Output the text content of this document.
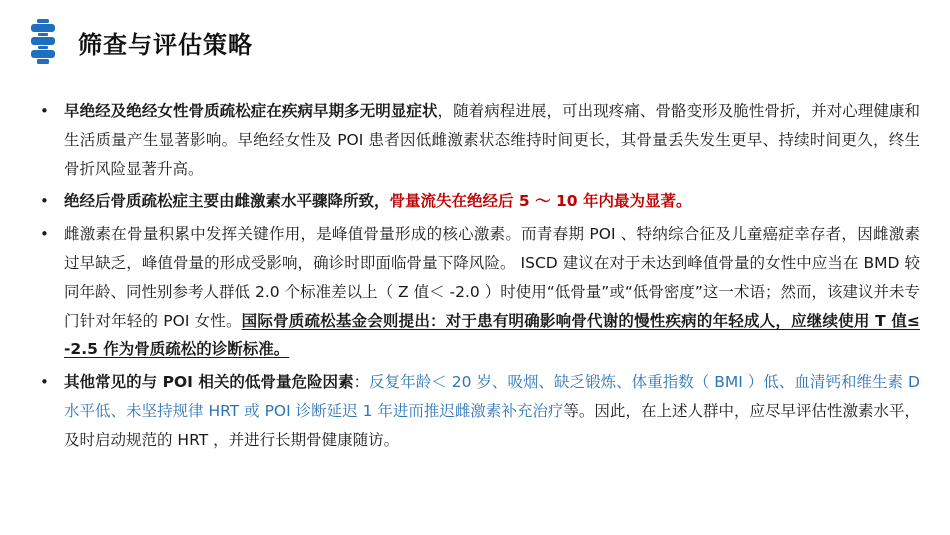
筛查与评估策略
• 早绝经及绝经女性骨质疏松症在疾病早期多无明显症状，随着病程进展，可出现疼痛、骨骼变形及脆性骨折，并对心理健康和生活质量产生显著影响。早绝经女性及 POI 患者因低雌激素状态维持时间更长，其骨量丢失发生更早、持续时间更久，终生骨折风险显著升高。
• 绝经后骨质疏松症主要由雌激素水平骤降所致，骨量流失在绝经后 5 ～ 10 年内最为显著。
• 雌激素在骨量积累中发挥关键作用，是峰值骨量形成的核心激素。而青春期 POI 、特纳综合征及儿童癌症幸存者，因雌激素过早缺乏，峰值骨量的形成受影响，确诊时即面临骨量下降风险。 ISCD 建议在对于未达到峰值骨量的女性中应当在 BMD 较同年龄、同性别参考人群低 2.0 个标准差以上（ Z 值＜ -2.0 ）时使用“低骨量”或“低骨密度”这一术语；然而，该建议并未专门针对年轻的 POI 女性。国际骨质疏松基金会则提出：对于患有明确影响骨代谢的慢性疾病的年轻成人，应继续使用 T 值≤ -2.5 作为骨质疏松的诊断标准。
• 其他常见的与 POI 相关的低骨量危险因素：反复年龄＜ 20 岁、吸烟、缺乏锻炼、体重指数（ BMI ）低、血清钙和维生素 D 水平低、未坚持规律 HRT 或 POI 诊断延迟 1 年进而推迟雌激素补充治疗等。因此，在上述人群中，应尽早评估性激素水平，及时启动规范的 HRT ，并进行长期骨健康随访。
